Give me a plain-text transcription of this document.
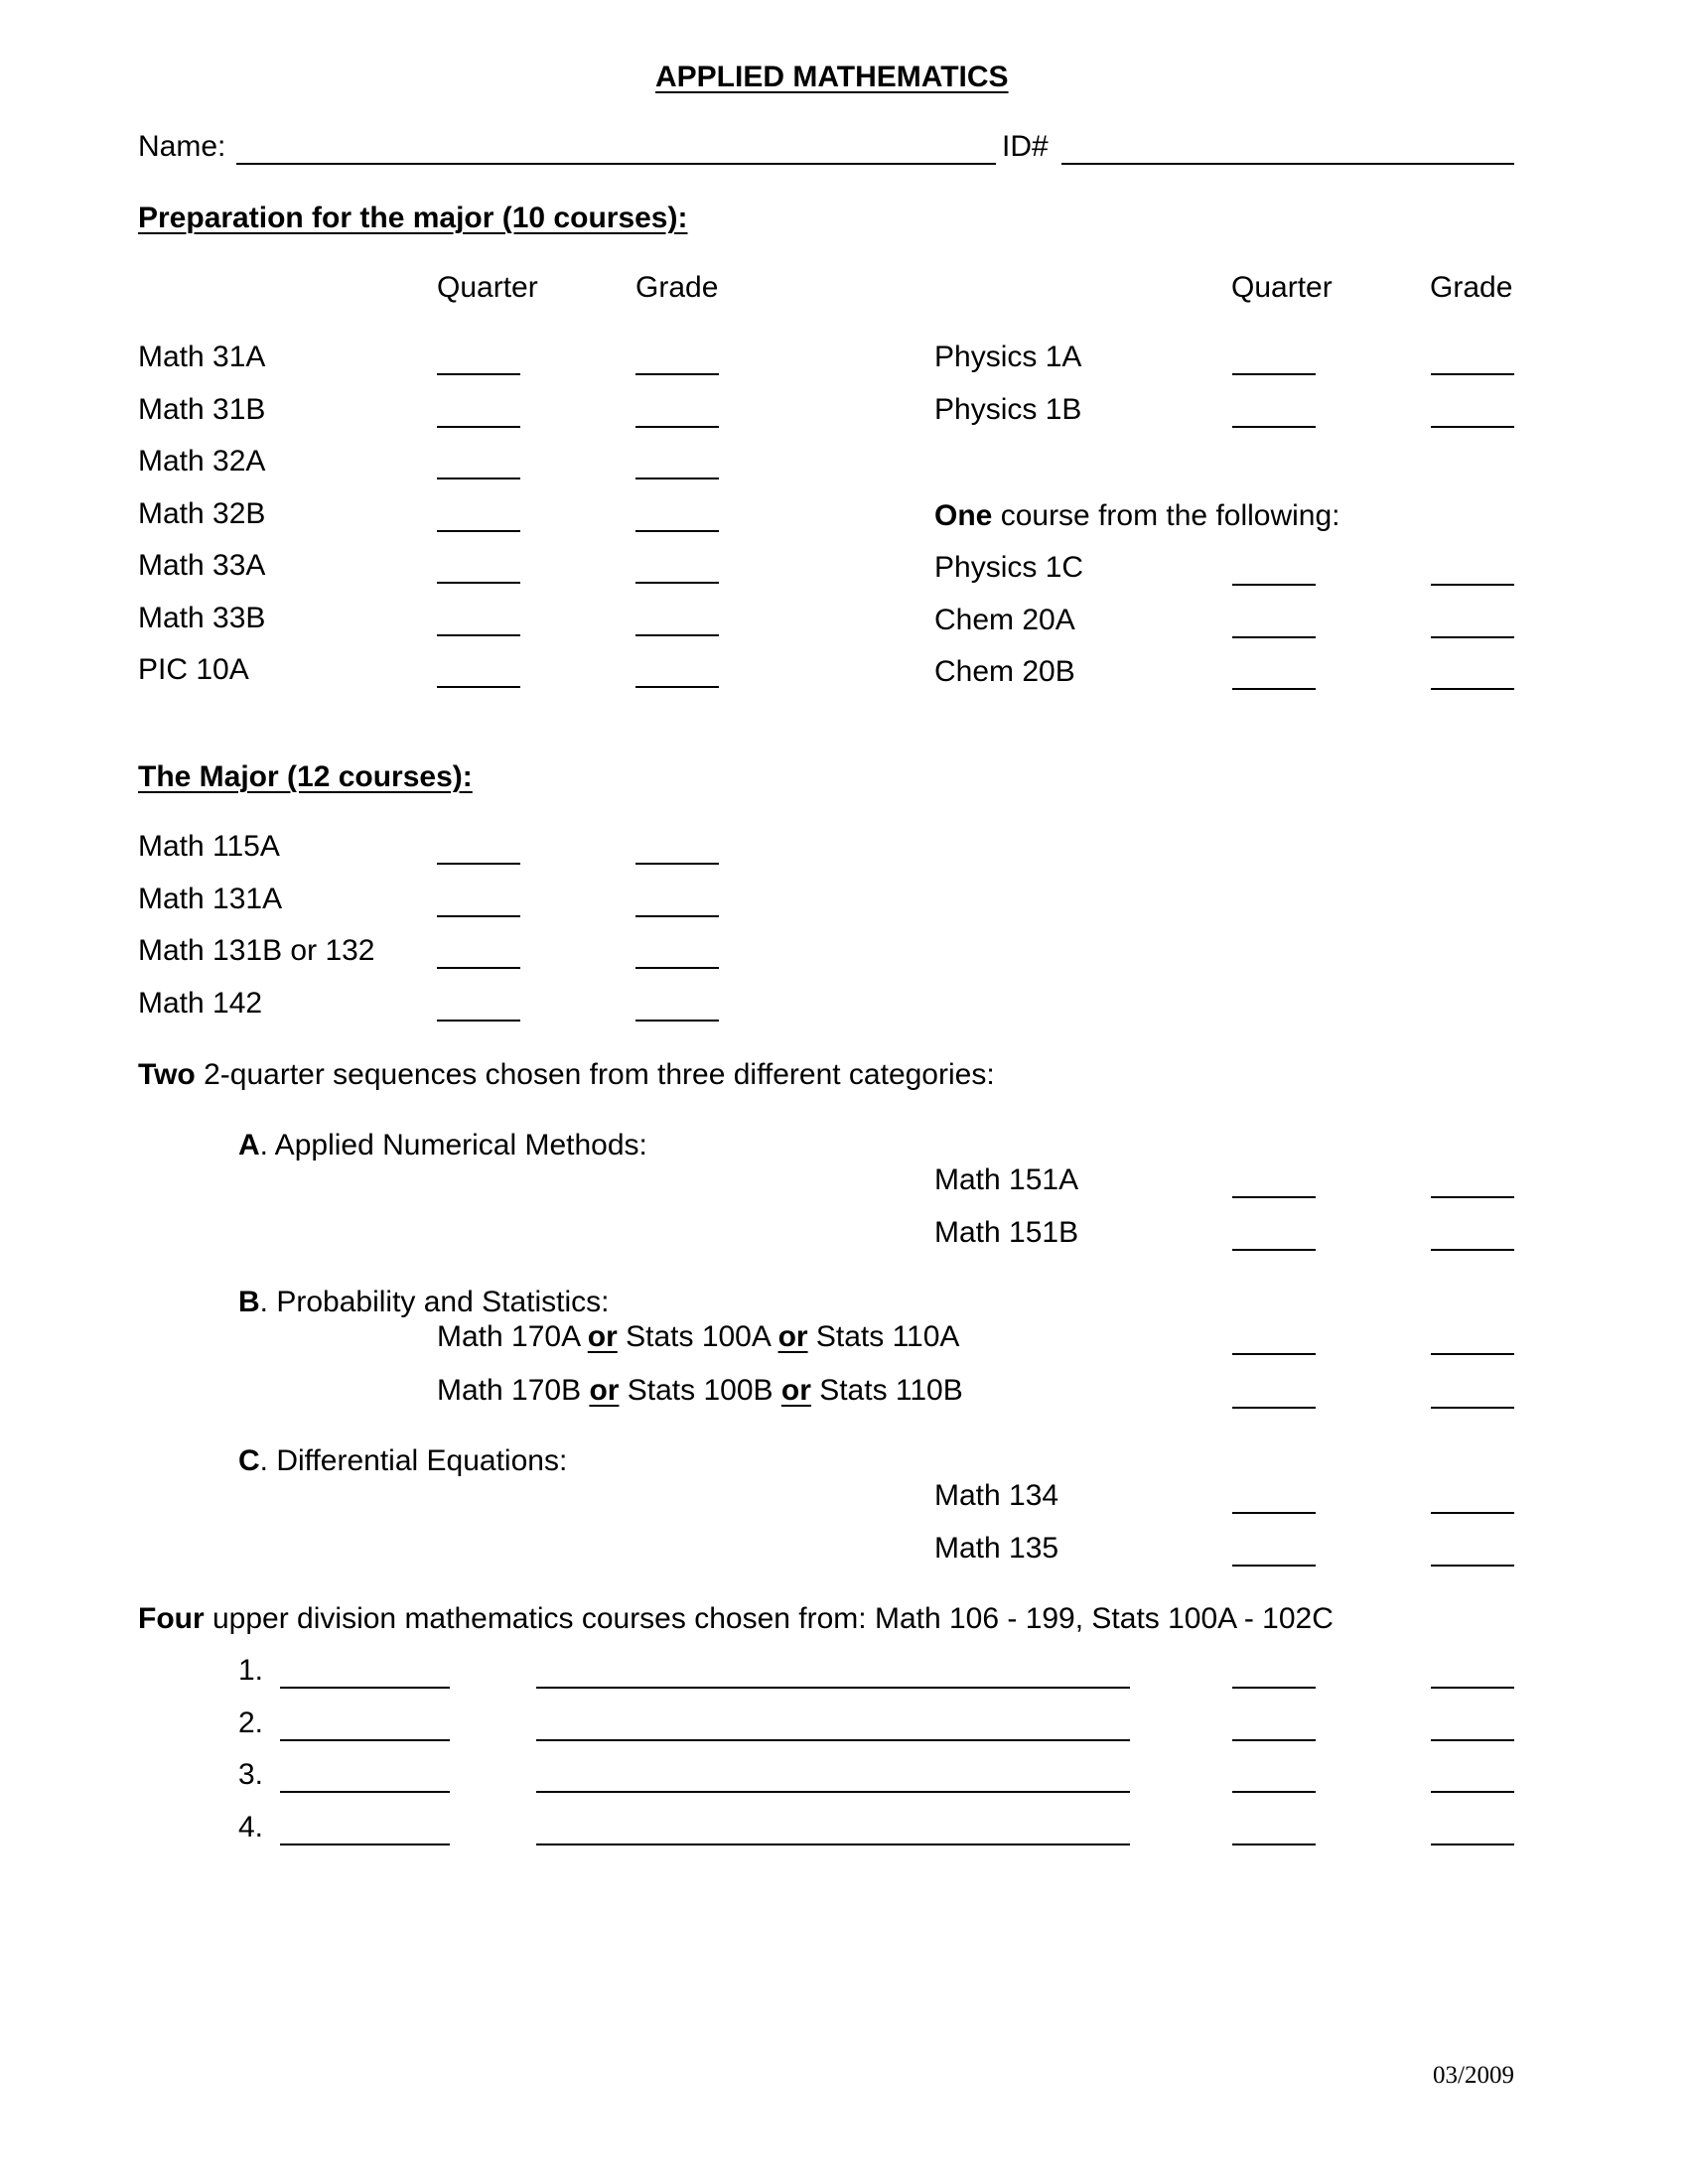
APPLIED MATHEMATICS
Name:	ID#
Preparation for the major (10 courses):
Quarter	Grade	Quarter	Grade
Math 31A
Math 31B
Math 32A
Math 32B
Math 33A
Math 33B
PIC 10A
Physics 1A
Physics 1B
One course from the following:
Physics 1C
Chem 20A
Chem 20B
The Major (12 courses):
Math 115A
Math 131A
Math 131B or 132
Math 142
Two 2-quarter sequences chosen from three different categories:
A. Applied Numerical Methods:
Math 151A
Math 151B
B. Probability and Statistics:
Math 170A or Stats 100A or Stats 110A
Math 170B or Stats 100B or Stats 110B
C. Differential Equations:
Math 134
Math 135
Four upper division mathematics courses chosen from: Math 106 - 199, Stats 100A - 102C
1.
2.
3.
4.
03/2009
